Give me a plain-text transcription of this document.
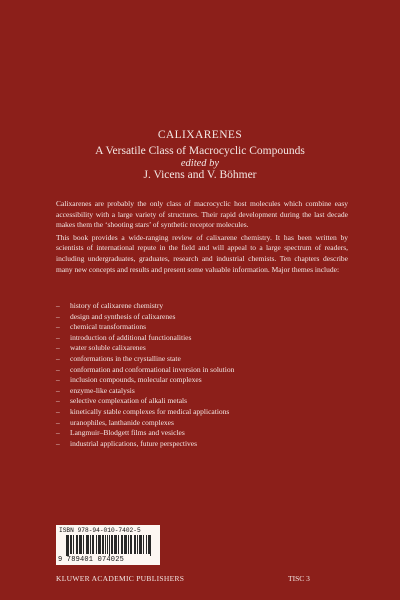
CALIXARENES
A Versatile Class of Macrocyclic Compounds
edited by
J. Vicens and V. Böhmer

Calixarenes are probably the only class of macrocyclic host molecules which combine easy accessibility with a large variety of structures. Their rapid development during the last decade makes them the ‘shooting stars’ of synthetic receptor molecules.

This book provides a wide-ranging review of calixarene chemistry. It has been written by scientists of international repute in the field and will appeal to a large spectrum of readers, including undergraduates, graduates, research and industrial chemists. Ten chapters describe many new concepts and results and present some valuable information. Major themes include:

–	history of calixarene chemistry
–	design and synthesis of calixarenes
–	chemical transformations
–	introduction of additional functionalities
–	water soluble calixarenes
–	conformations in the crystalline state
–	conformation and conformational inversion in solution
–	inclusion compounds, molecular complexes
–	enzyme-like catalysis
–	selective complexation of alkali metals
–	kinetically stable complexes for medical applications
–	uranophiles, lanthanide complexes
–	Langmuir–Blodgett films and vesicles
–	industrial applications, future perspectives
ISBN 978-94-010-7402-5
9 789401 074025
KLUWER ACADEMIC PUBLISHERS	TISC 3
